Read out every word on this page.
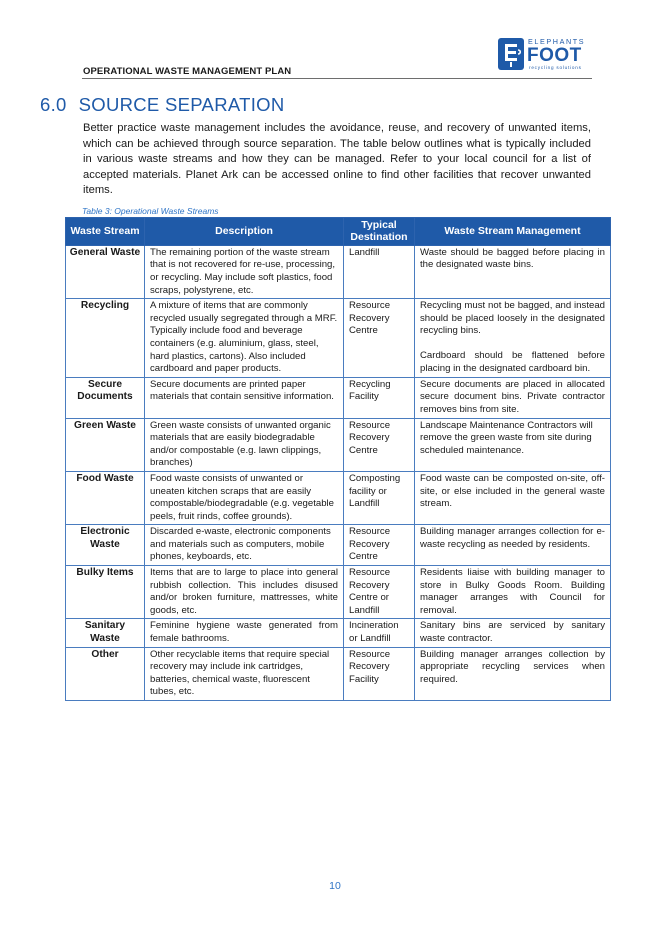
OPERATIONAL WASTE MANAGEMENT PLAN
ELEPHANTS
FOOT
recycling solutions
6.0 SOURCE SEPARATION

Better practice waste management includes the avoidance, reuse, and recovery of unwanted items, which can be achieved through source separation. The table below outlines what is typically included in various waste streams and how they can be managed. Refer to your local council for a list of accepted materials. Planet Ark can be accessed online to find other facilities that recover unwanted items.

Table 3: Operational Waste Streams
Waste Stream	Description	Typical Destination	Waste Stream Management
General Waste	The remaining portion of the waste stream that is not recovered for re-use, processing, or recycling. May include soft plastics, food scraps, polystyrene, etc.	Landfill	Waste should be bagged before placing in the designated waste bins.

Recycling	A mixture of items that are commonly recycled usually segregated through a MRF. Typically include food and beverage containers (e.g. aluminium, glass, steel, hard plastics, cartons). Also included cardboard and paper products.	Resource Recovery Centre	Recycling must not be bagged, and instead should be placed loosely in the designated recycling bins.

Cardboard should be flattened before placing in the designated cardboard bin.

Secure Documents	Secure documents are printed paper materials that contain sensitive information.	Recycling Facility	Secure documents are placed in allocated secure document bins. Private contractor removes bins from site.

Green Waste	Green waste consists of unwanted organic materials that are easily biodegradable and/or compostable (e.g. lawn clippings, branches)	Resource Recovery Centre	Landscape Maintenance Contractors will remove the green waste from site during scheduled maintenance.

Food Waste	Food waste consists of unwanted or uneaten kitchen scraps that are easily compostable/biodegradable (e.g. vegetable peels, fruit rinds, coffee grounds).	Composting facility or Landfill	Food waste can be composted on-site, off-site, or else included in the general waste stream.

Electronic Waste	Discarded e-waste, electronic components and materials such as computers, mobile phones, keyboards, etc.	Resource Recovery Centre	Building manager arranges collection for e-waste recycling as needed by residents.

Bulky Items	Items that are to large to place into general rubbish collection. This includes disused and/or broken furniture, mattresses, white goods, etc.	Resource Recovery Centre or Landfill	Residents liaise with building manager to store in Bulky Goods Room. Building manager arranges with Council for removal.

Sanitary Waste	Feminine hygiene waste generated from female bathrooms.	Incineration or Landfill	Sanitary bins are serviced by sanitary waste contractor.

Other	Other recyclable items that require special recovery may include ink cartridges, batteries, chemical waste, fluorescent tubes, etc.	Resource Recovery Facility	Building manager arranges collection by appropriate recycling services when required.

10
